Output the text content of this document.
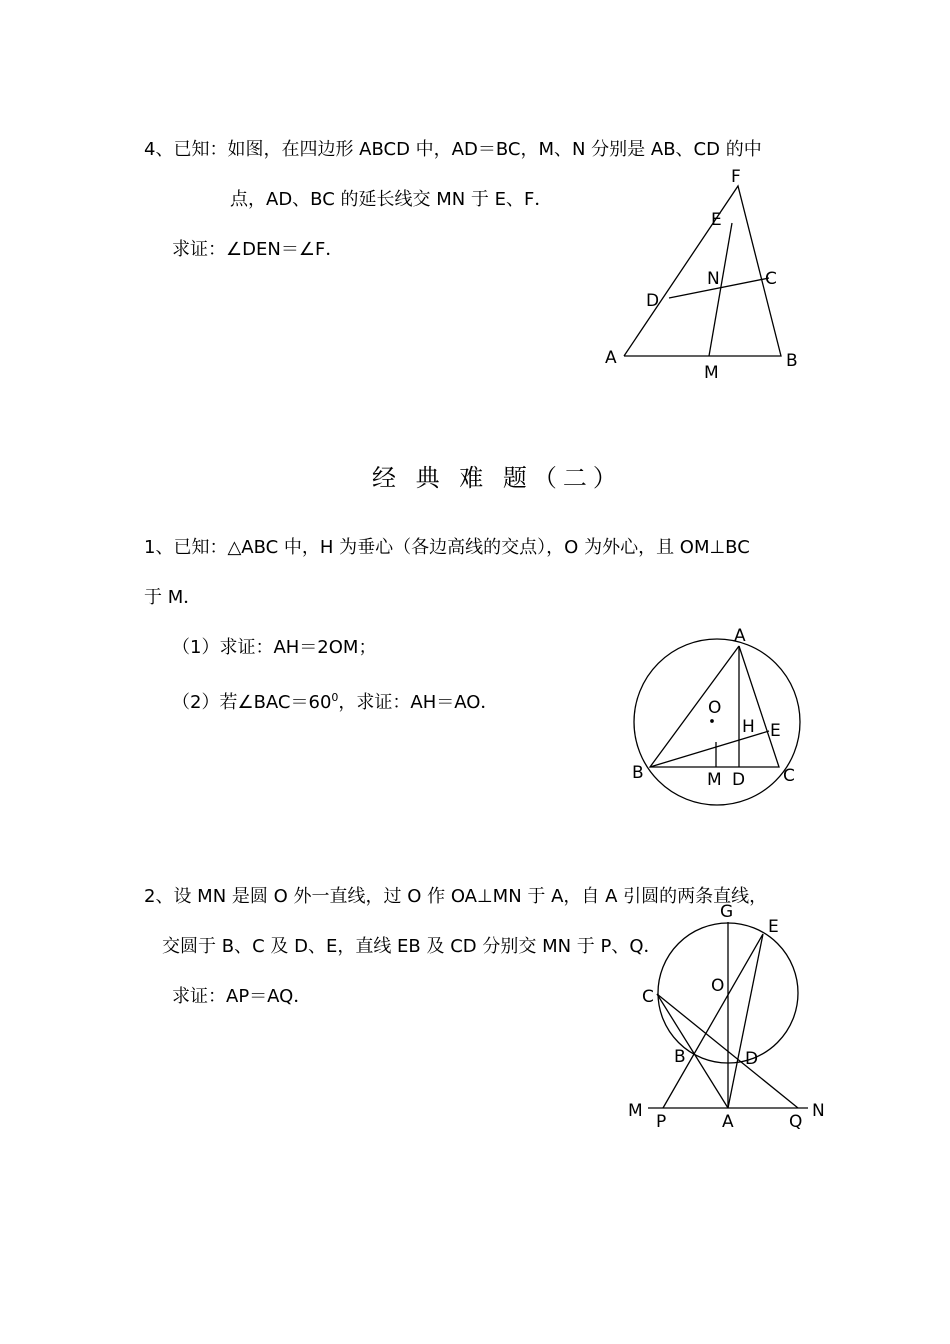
4、已知：如图，在四边形 ABCD 中，AD＝BC，M、N 分别是 AB、CD 的中
点，AD、BC 的延长线交 MN 于 E、F．
求证：∠DEN＝∠F．
F
E
N	C
D
A
M
B
经 典 难 题（二）
1、已知：△ABC 中，H 为垂心（各边高线的交点），O 为外心，且 OM⊥BC
于 M．
（1）求证：AH＝2OM；
（2）若$\angle BAC=60^0$，求证：AH＝AO．
A
O
H E
B	M D C
2、设 MN 是圆 O 外一直线，过 O 作 OA⊥MN 于 A，自 A 引圆的两条直线，
交圆于 B、C 及 D、E，直线 EB 及 CD 分别交 MN 于 P、Q．
求证：AP＝AQ．
G
E
O
C
B	D
M
P	A	Q
N
